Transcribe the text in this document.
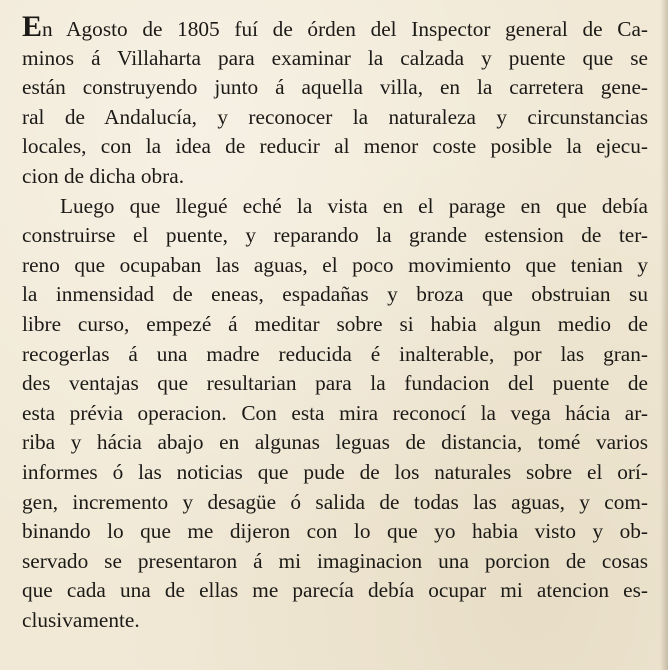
En Agosto de 1805 fuí de órden del Inspector general de Ca-
minos á Villaharta para examinar la calzada y puente que se
están construyendo junto á aquella villa, en la carretera gene-
ral de Andalucía, y reconocer la naturaleza y circunstancias
locales, con la idea de reducir al menor coste posible la ejecu-
cion de dicha obra.
Luego que llegué eché la vista en el parage en que debía
construirse el puente, y reparando la grande estension de ter-
reno que ocupaban las aguas, el poco movimiento que tenian y
la inmensidad de eneas, espadañas y broza que obstruian su
libre curso, empezé á meditar sobre si habia algun medio de
recogerlas á una madre reducida é inalterable, por las gran-
des ventajas que resultarian para la fundacion del puente de
esta prévia operacion. Con esta mira reconocí la vega hácia ar-
riba y hácia abajo en algunas leguas de distancia, tomé varios
informes ó las noticias que pude de los naturales sobre el orí-
gen, incremento y desagüe ó salida de todas las aguas, y com-
binando lo que me dijeron con lo que yo habia visto y ob-
servado se presentaron á mi imaginacion una porcion de cosas
que cada una de ellas me parecía debía ocupar mi atencion es-
clusivamente.
